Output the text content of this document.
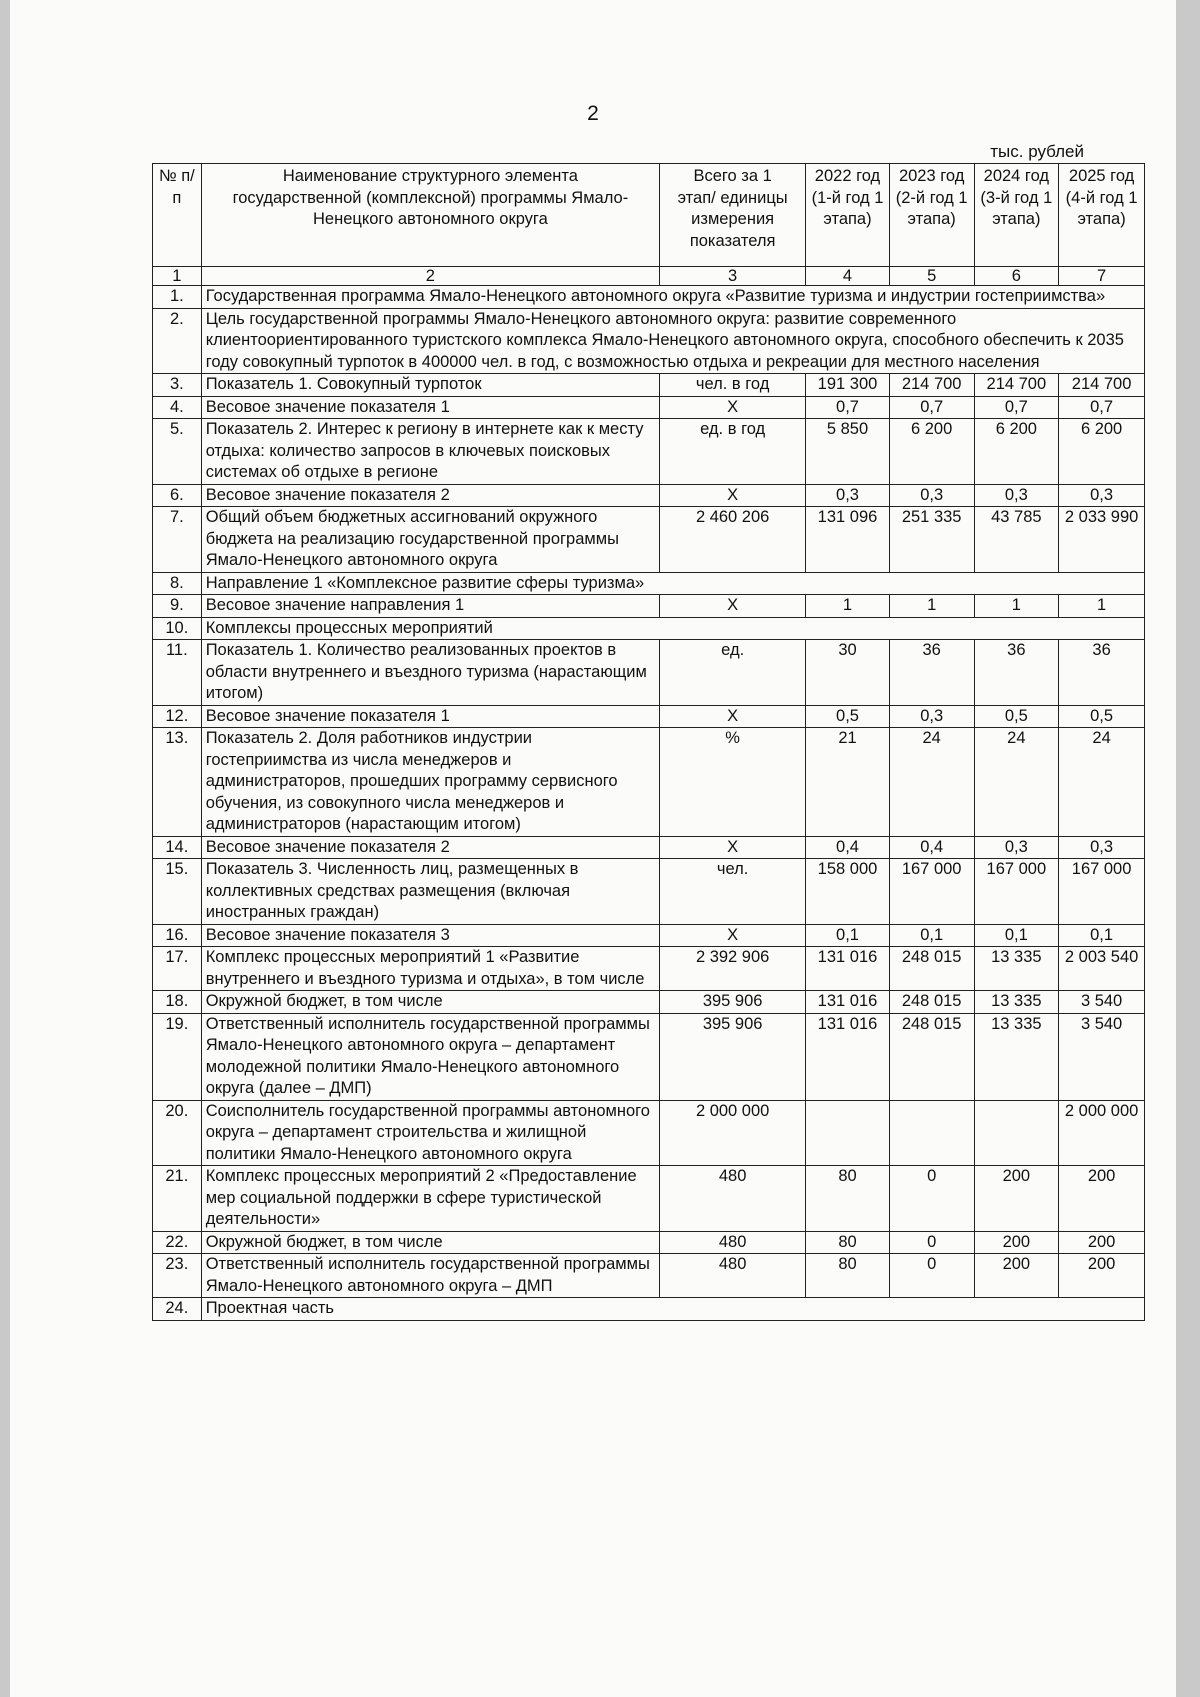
2
тыс. рублей
№ п/п	Наименование структурного элемента государственной (комплексной) программы Ямало-Ненецкого автономного округа	Всего за 1 этап/ единицы измерения показателя	2022 год (1-й год 1 этапа)	2023 год (2-й год 1 этапа)	2024 год (3-й год 1 этапа)	2025 год (4-й год 1 этапа)
1	2	3	4	5	6	7
1.	Государственная программа Ямало-Ненецкого автономного округа «Развитие туризма и индустрии гостеприимства»					
2.	Цель государственной программы Ямало-Ненецкого автономного округа: развитие современного клиентоориентированного туристского комплекса Ямало-Ненецкого автономного округа, способного обеспечить к 2035 году совокупный турпоток в 400000 чел. в год, с возможностью отдыха и рекреации для местного населения					
3.	Показатель 1. Совокупный турпоток	чел. в год	191 300	214 700	214 700	214 700
4.	Весовое значение показателя 1	Х	0,7	0,7	0,7	0,7
5.	Показатель 2. Интерес к региону в интернете как к месту отдыха: количество запросов в ключевых поисковых системах об отдыхе в регионе	ед. в год	5 850	6 200	6 200	6 200
6.	Весовое значение показателя 2	Х	0,3	0,3	0,3	0,3
7.	Общий объем бюджетных ассигнований окружного бюджета на реализацию государственной программы Ямало-Ненецкого автономного округа	2 460 206	131 096	251 335	43 785	2 033 990
8.	Направление 1 «Комплексное развитие сферы туризма»					
9.	Весовое значение направления 1	Х	1	1	1	1
10.	Комплексы процессных мероприятий					
11.	Показатель 1. Количество реализованных проектов в области внутреннего и въездного туризма (нарастающим итогом)	ед.	30	36	36	36
12.	Весовое значение показателя 1	Х	0,5	0,3	0,5	0,5
13.	Показатель 2. Доля работников индустрии гостеприимства из числа менеджеров и администраторов, прошедших программу сервисного обучения, из совокупного числа менеджеров и администраторов (нарастающим итогом)	%	21	24	24	24
14.	Весовое значение показателя 2	Х	0,4	0,4	0,3	0,3
15.	Показатель 3. Численность лиц, размещенных в коллективных средствах размещения (включая иностранных граждан)	чел.	158 000	167 000	167 000	167 000
16.	Весовое значение показателя 3	Х	0,1	0,1	0,1	0,1
17.	Комплекс процессных мероприятий 1 «Развитие внутреннего и въездного туризма и отдыха», в том числе	2 392 906	131 016	248 015	13 335	2 003 540
18.	Окружной бюджет, в том числе	395 906	131 016	248 015	13 335	3 540
19.	Ответственный исполнитель государственной программы Ямало-Ненецкого автономного округа – департамент молодежной политики Ямало-Ненецкого автономного округа (далее – ДМП)	395 906	131 016	248 015	13 335	3 540
20.	Соисполнитель государственной программы автономного округа – департамент строительства и жилищной политики Ямало-Ненецкого автономного округа	2 000 000				2 000 000
21.	Комплекс процессных мероприятий 2 «Предоставление мер социальной поддержки в сфере туристической деятельности»	480	80	0	200	200
22.	Окружной бюджет, в том числе	480	80	0	200	200
23.	Ответственный исполнитель государственной программы Ямало-Ненецкого автономного округа – ДМП	480	80	0	200	200
24.	Проектная часть					
